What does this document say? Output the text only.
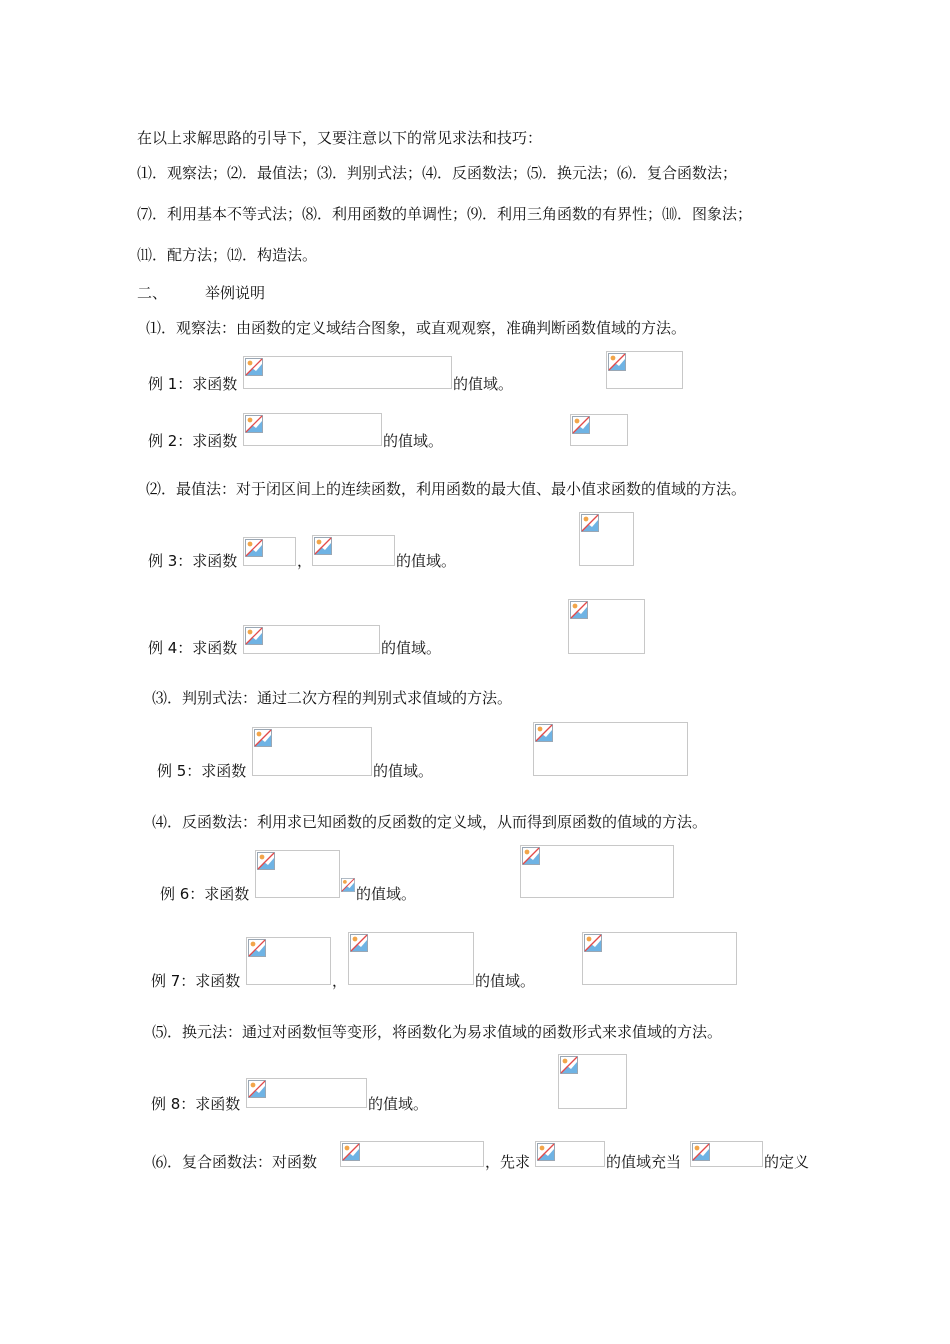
在以上求解思路的引导下，又要注意以下的常见求法和技巧：
⑴．观察法；⑵．最值法；⑶．判别式法；⑷．反函数法；⑸．换元法；⑹．复合函数法；
⑺．利用基本不等式法；⑻．利用函数的单调性；⑼．利用三角函数的有界性；⑽．图象法；
⑾．配方法；⑿．构造法。
二、	举例说明
⑴．观察法：由函数的定义域结合图象，或直观观察，准确判断函数值域的方法。
例 1：求函数	的值域。
例 2：求函数	的值域。
⑵．最值法：对于闭区间上的连续函数，利用函数的最大值、最小值求函数的值域的方法。
例 3：求函数	，	的值域。
例 4：求函数	的值域。
⑶．判别式法：通过二次方程的判别式求值域的方法。
例 5：求函数	的值域。
⑷．反函数法：利用求已知函数的反函数的定义域，从而得到原函数的值域的方法。
例 6：求函数	的值域。
例 7：求函数	，	的值域。
⑸．换元法：通过对函数恒等变形，将函数化为易求值域的函数形式来求值域的方法。
例 8：求函数	的值域。
⑹．复合函数法：对函数	，先求	的值域充当	的定义
